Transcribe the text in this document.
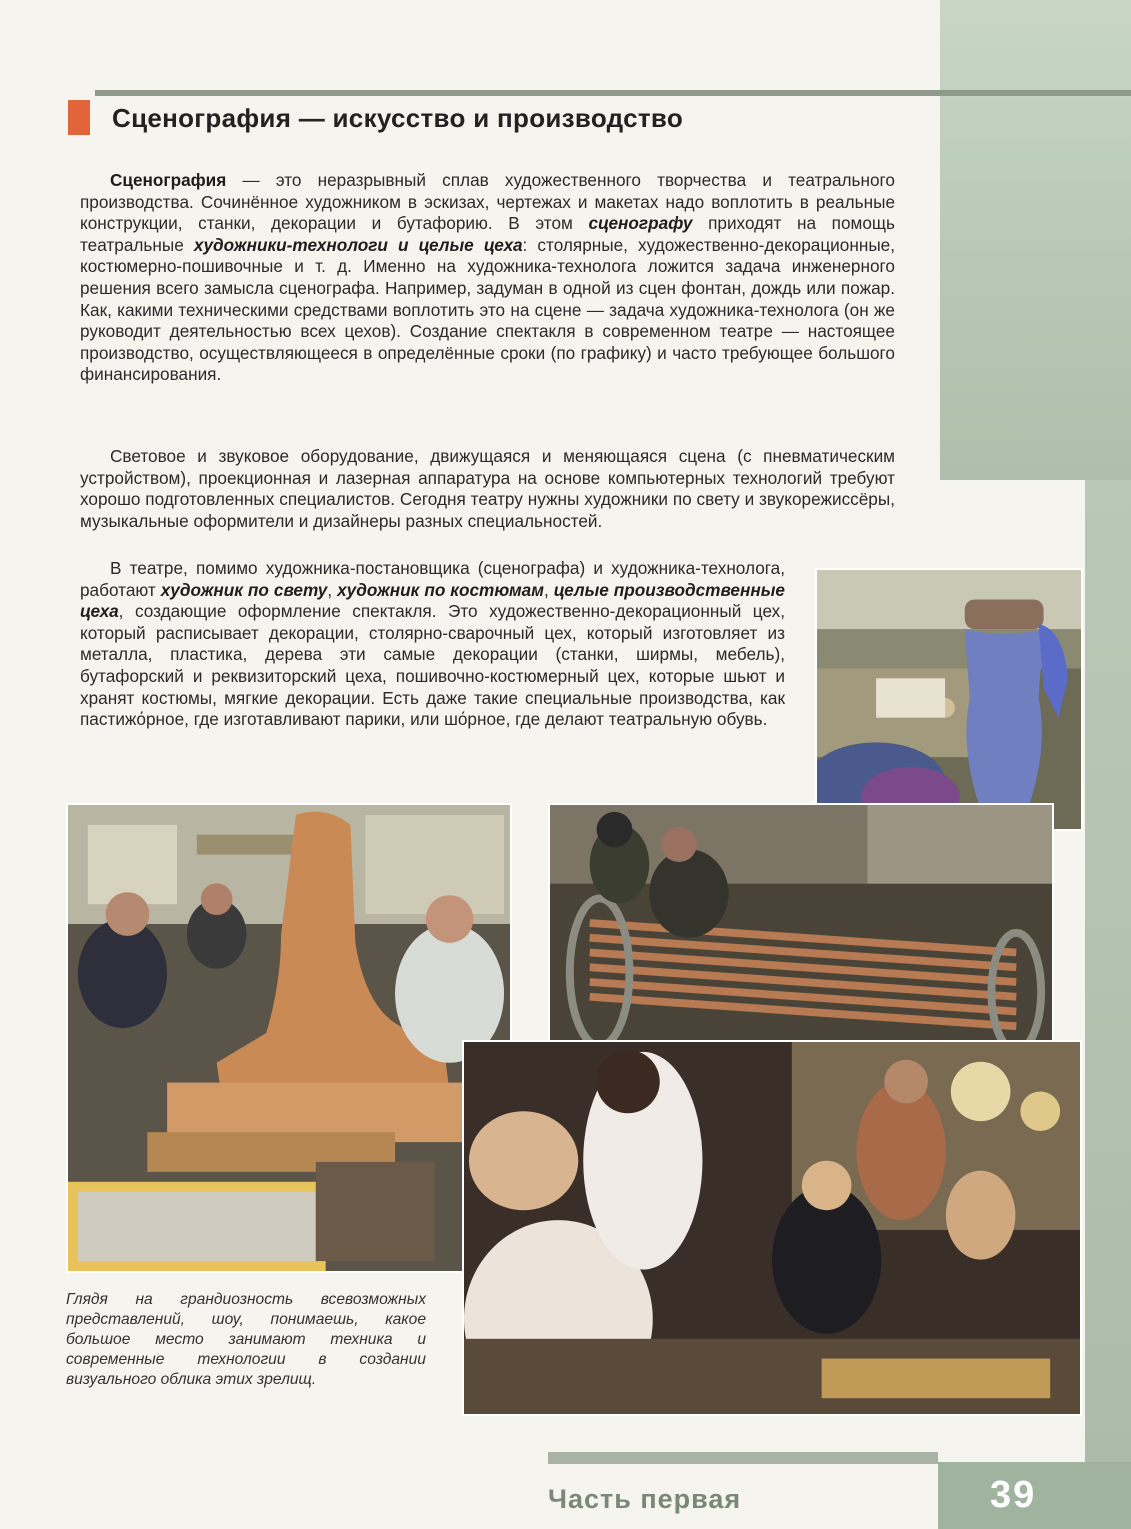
Сценография — искусство и производство

Сценография — это неразрывный сплав художественного творчества и театрального производства. Сочинённое художником в эскизах, чертежах и макетах надо воплотить в реальные конструкции, станки, декорации и бутафорию. В этом сценографу приходят на помощь театральные художники-технологи и целые цеха: столярные, художественно-декорационные, костюмерно-пошивочные и т. д. Именно на художника-технолога ложится задача инженерного решения всего замысла сценографа. Например, задуман в одной из сцен фонтан, дождь или пожар. Как, какими техническими средствами воплотить это на сцене — задача художника-технолога (он же руководит деятельностью всех цехов). Создание спектакля в современном театре — настоящее производство, осуществляющееся в определённые сроки (по графику) и часто требующее большого финансирования.

Световое и звуковое оборудование, движущаяся и меняющаяся сцена (с пневматическим устройством), проекционная и лазерная аппаратура на основе компьютерных технологий требуют хорошо подготовленных специалистов. Сегодня театру нужны художники по свету и звукорежиссёры, музыкальные оформители и дизайнеры разных специальностей.

В театре, помимо художника-постановщика (сценографа) и художника-технолога, работают художник по свету, художник по костюмам, целые производственные цеха, создающие оформление спектакля. Это художественно-декорационный цех, который расписывает декорации, столярно-сварочный цех, который изготовляет из металла, пластика, дерева эти самые декорации (станки, ширмы, мебель), бутафорский и реквизиторский цеха, пошивочно-костюмерный цех, которые шьют и хранят костюмы, мягкие декорации. Есть даже такие специальные производства, как пастижόрное, где изготавливают парики, или шόрное, где делают театральную обувь.

Глядя на грандиозность всевозможных представлений, шоу, понимаешь, какое большое место занимают техника и современные технологии в создании визуального облика этих зрелищ.
Часть первая	39
